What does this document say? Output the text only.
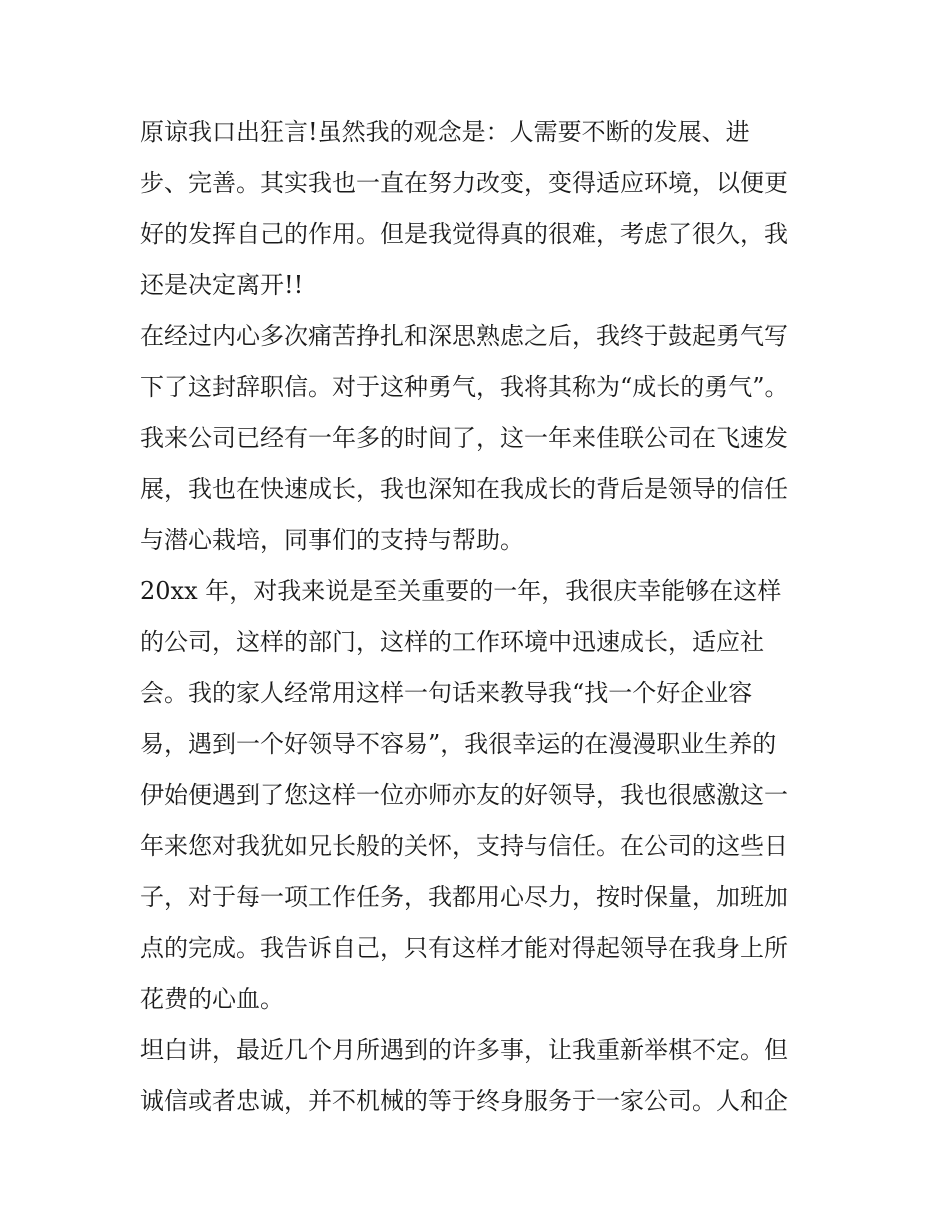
原谅我口出狂言!虽然我的观念是：人需要不断的发展、进
步、完善。其实我也一直在努力改变，变得适应环境，以便更
好的发挥自己的作用。但是我觉得真的很难，考虑了很久，我
还是决定离开!!
在经过内心多次痛苦挣扎和深思熟虑之后，我终于鼓起勇气写
下了这封辞职信。对于这种勇气，我将其称为“成长的勇气”。
我来公司已经有一年多的时间了，这一年来佳联公司在飞速发
展，我也在快速成长，我也深知在我成长的背后是领导的信任
与潜心栽培，同事们的支持与帮助。
20xx 年，对我来说是至关重要的一年，我很庆幸能够在这样
的公司，这样的部门，这样的工作环境中迅速成长，适应社
会。我的家人经常用这样一句话来教导我“找一个好企业容
易，遇到一个好领导不容易”，我很幸运的在漫漫职业生养的
伊始便遇到了您这样一位亦师亦友的好领导，我也很感激这一
年来您对我犹如兄长般的关怀，支持与信任。在公司的这些日
子，对于每一项工作任务，我都用心尽力，按时保量，加班加
点的完成。我告诉自己，只有这样才能对得起领导在我身上所
花费的心血。
坦白讲，最近几个月所遇到的许多事，让我重新举棋不定。但
诚信或者忠诚，并不机械的等于终身服务于一家公司。人和企
